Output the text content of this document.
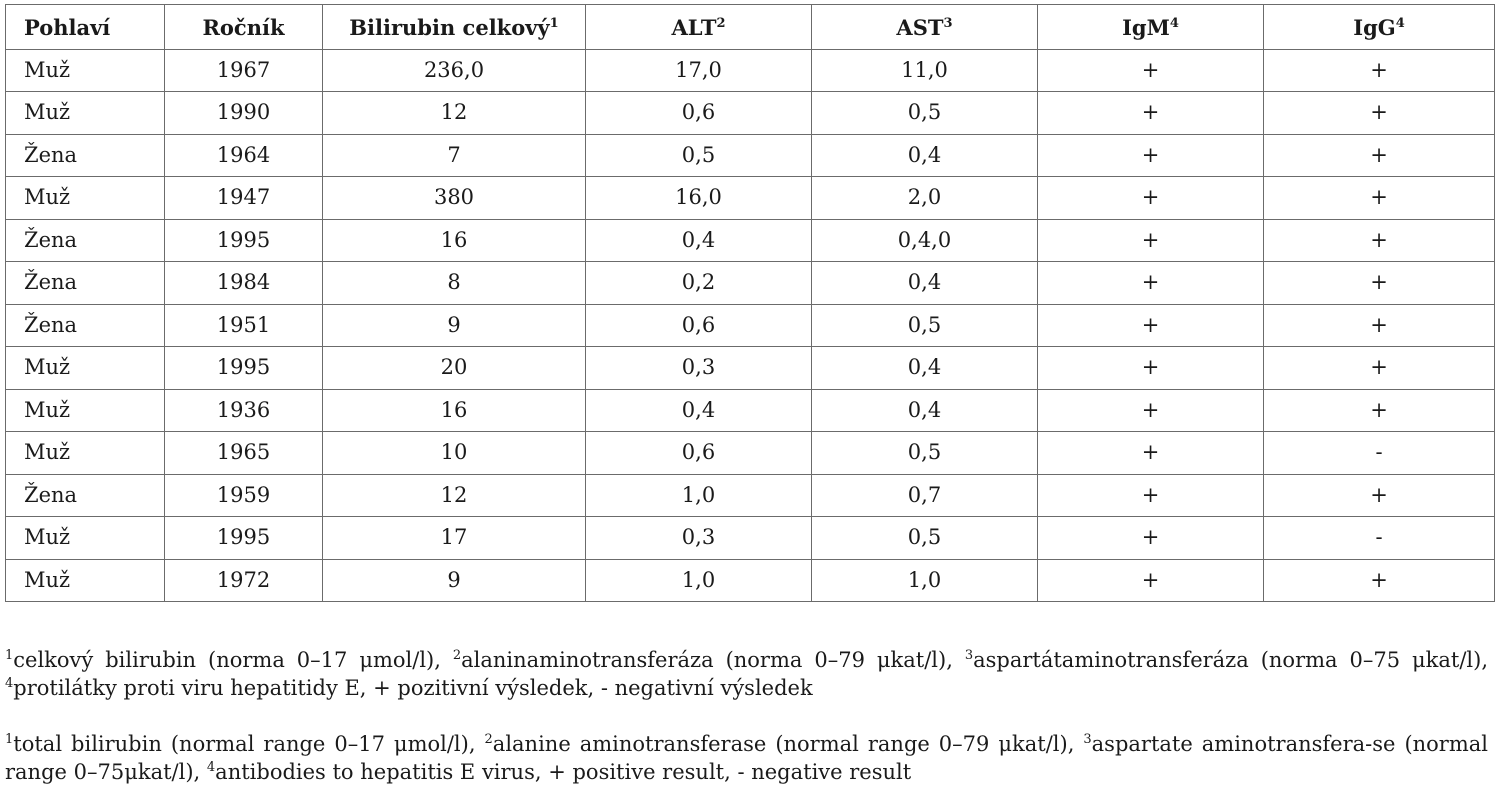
Pohlaví	Ročník	Bilirubin celkový$^1$	ALT$^2$	AST$^3$	IgM$^4$	IgG$^4$
Muž	1967	236,0	17,0	11,0	+	+
Muž	1990	12	0,6	0,5	+	+
Žena	1964	7	0,5	0,4	+	+
Muž	1947	380	16,0	2,0	+	+
Žena	1995	16	0,4	0,4,0	+	+
Žena	1984	8	0,2	0,4	+	+
Žena	1951	9	0,6	0,5	+	+
Muž	1995	20	0,3	0,4	+	+
Muž	1936	16	0,4	0,4	+	+
Muž	1965	10	0,6	0,5	+	-
Žena	1959	12	1,0	0,7	+	+
Muž	1995	17	0,3	0,5	+	-
Muž	1972	9	1,0	1,0	+	+

$^1$celkový bilirubin (norma 0–17 μmol/l), $^2$alaninaminotransferáza (norma 0–79 μkat/l), $^3$aspartátaminotransferáza (norma 0–75 μkat/l), $^4$protilátky proti viru hepatitidy E, + pozitivní výsledek, - negativní výsledek

$^1$total bilirubin (normal range 0–17 μmol/l), $^2$alanine aminotransferase (normal range 0–79 μkat/l), $^3$aspartate aminotransfera-se (normal range 0–75μkat/l), $^4$antibodies to hepatitis E virus, + positive result, - negative result
